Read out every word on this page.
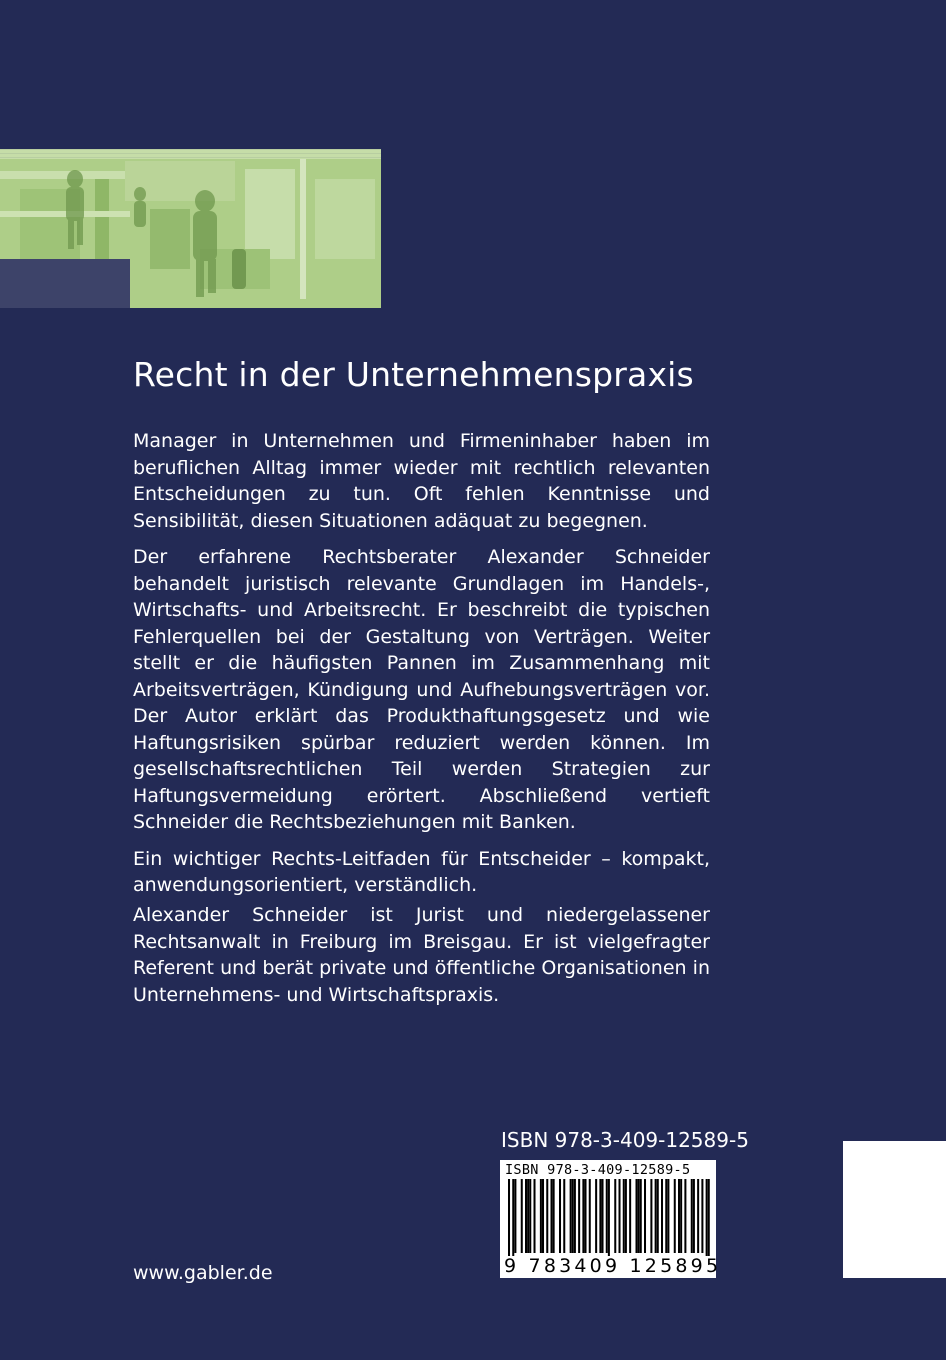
Recht in der Unternehmenspraxis

Manager in Unternehmen und Firmeninhaber haben im beruflichen Alltag immer wieder mit rechtlich relevanten Entscheidungen zu tun. Oft fehlen Kenntnisse und Sensibilität, diesen Situationen adäquat zu begegnen.

Der erfahrene Rechtsberater Alexander Schneider behandelt juristisch relevante Grundlagen im Handels-, Wirtschafts- und Arbeitsrecht. Er beschreibt die typischen Fehlerquellen bei der Gestaltung von Verträgen. Weiter stellt er die häufigsten Pannen im Zusammenhang mit Arbeitsverträgen, Kündigung und Aufhebungsverträgen vor. Der Autor erklärt das Produkthaftungsgesetz und wie Haftungsrisiken spürbar reduziert werden können. Im gesellschaftsrechtlichen Teil werden Strategien zur Haftungsvermeidung erörtert. Abschließend vertieft Schneider die Rechtsbeziehungen mit Banken.

Ein wichtiger Rechts-Leitfaden für Entscheider – kompakt, anwendungsorientiert, verständlich.

Alexander Schneider ist Jurist und niedergelassener Rechtsanwalt in Freiburg im Breisgau. Er ist vielgefragter Referent und berät private und öffentliche Organisationen in Unternehmens- und Wirtschaftspraxis.

ISBN 978-3-409-12589-5
ISBN 978-3-409-12589-5
9 783409 125895
www.gabler.de
